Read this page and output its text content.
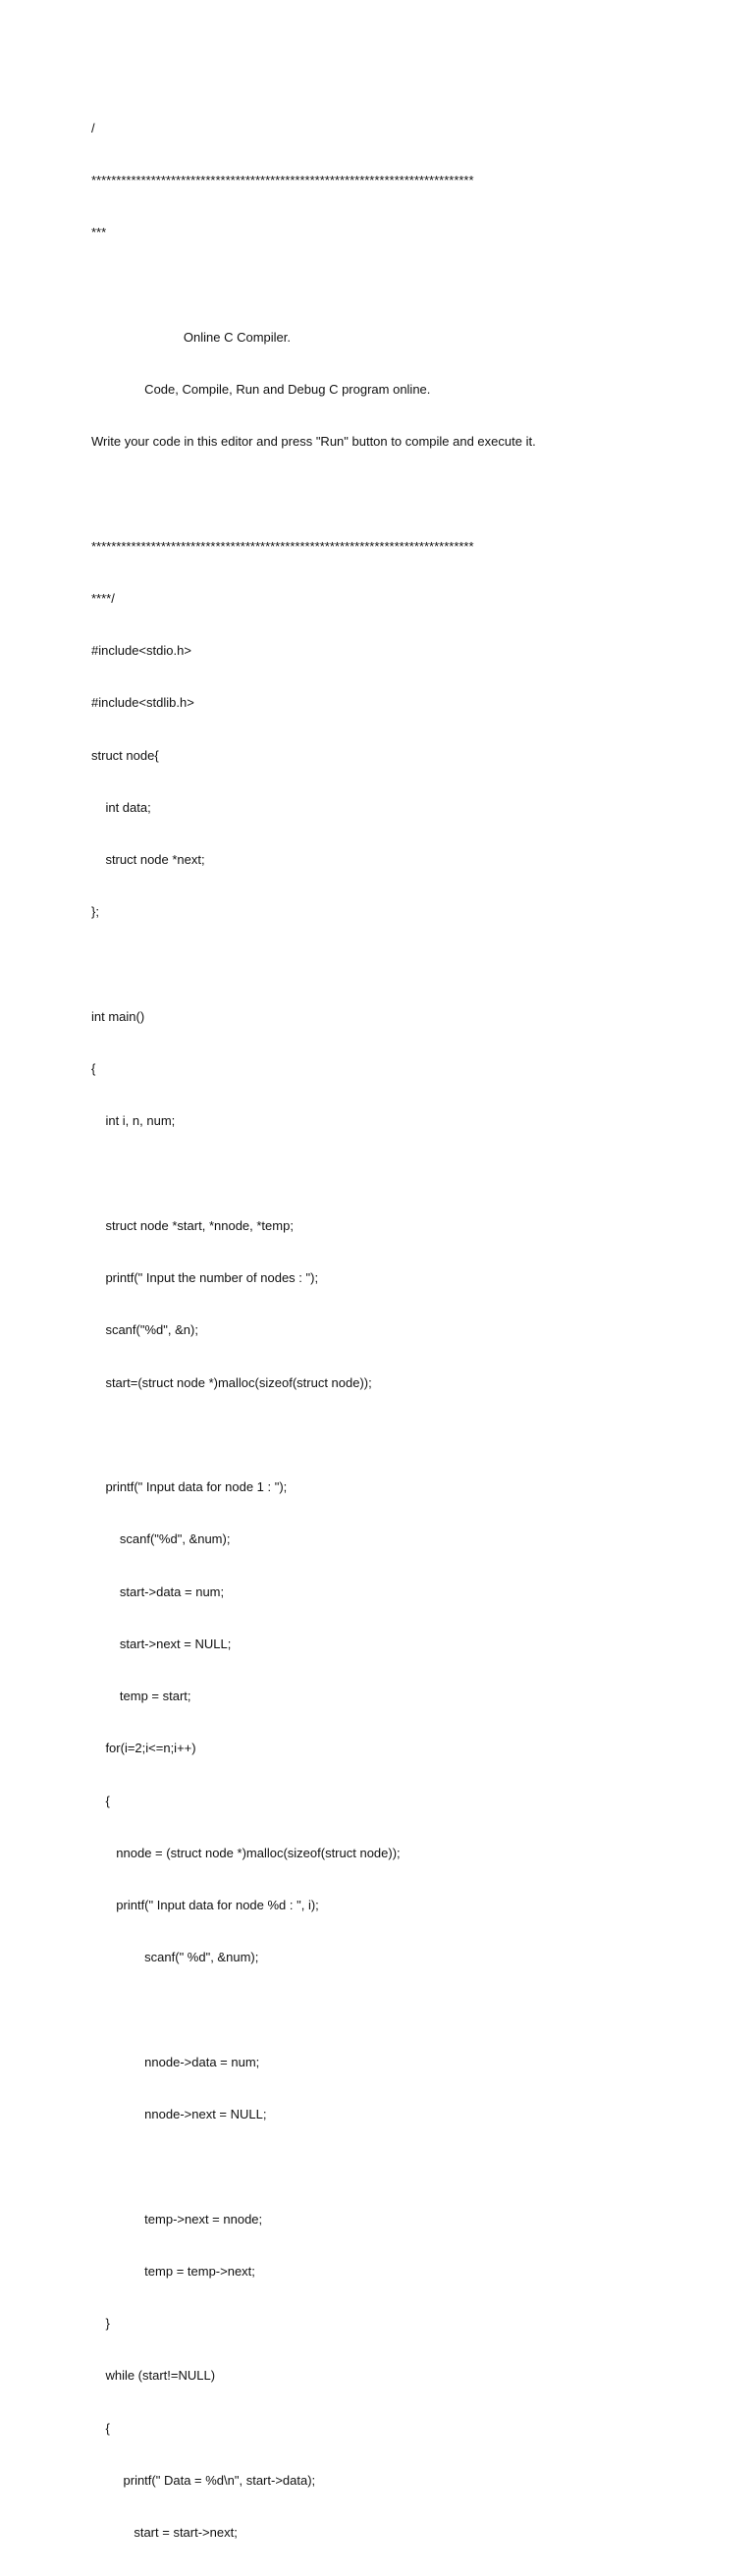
/

*****************************************************************************

***

Online C Compiler.

Code, Compile, Run and Debug C program online.

Write your code in this editor and press "Run" button to compile and execute it.

*****************************************************************************

****/

#include<stdio.h>

#include<stdlib.h>

struct node{

int data;

struct node *next;

};

int main()

{

int i, n, num;

struct node *start, *nnode, *temp;

printf(" Input the number of nodes : ");

scanf("%d", &n);

start=(struct node *)malloc(sizeof(struct node));

printf(" Input data for node 1 : ");

scanf("%d", &num);

start->data = num;

start->next = NULL;

temp = start;

for(i=2;i<=n;i++)

{

nnode = (struct node *)malloc(sizeof(struct node));

printf(" Input data for node %d : ", i);

scanf(" %d", &num);

nnode->data = num;

nnode->next = NULL;

temp->next = nnode;

temp = temp->next;

}

while (start!=NULL)

{

printf(" Data = %d\n", start->data);

start = start->next;
